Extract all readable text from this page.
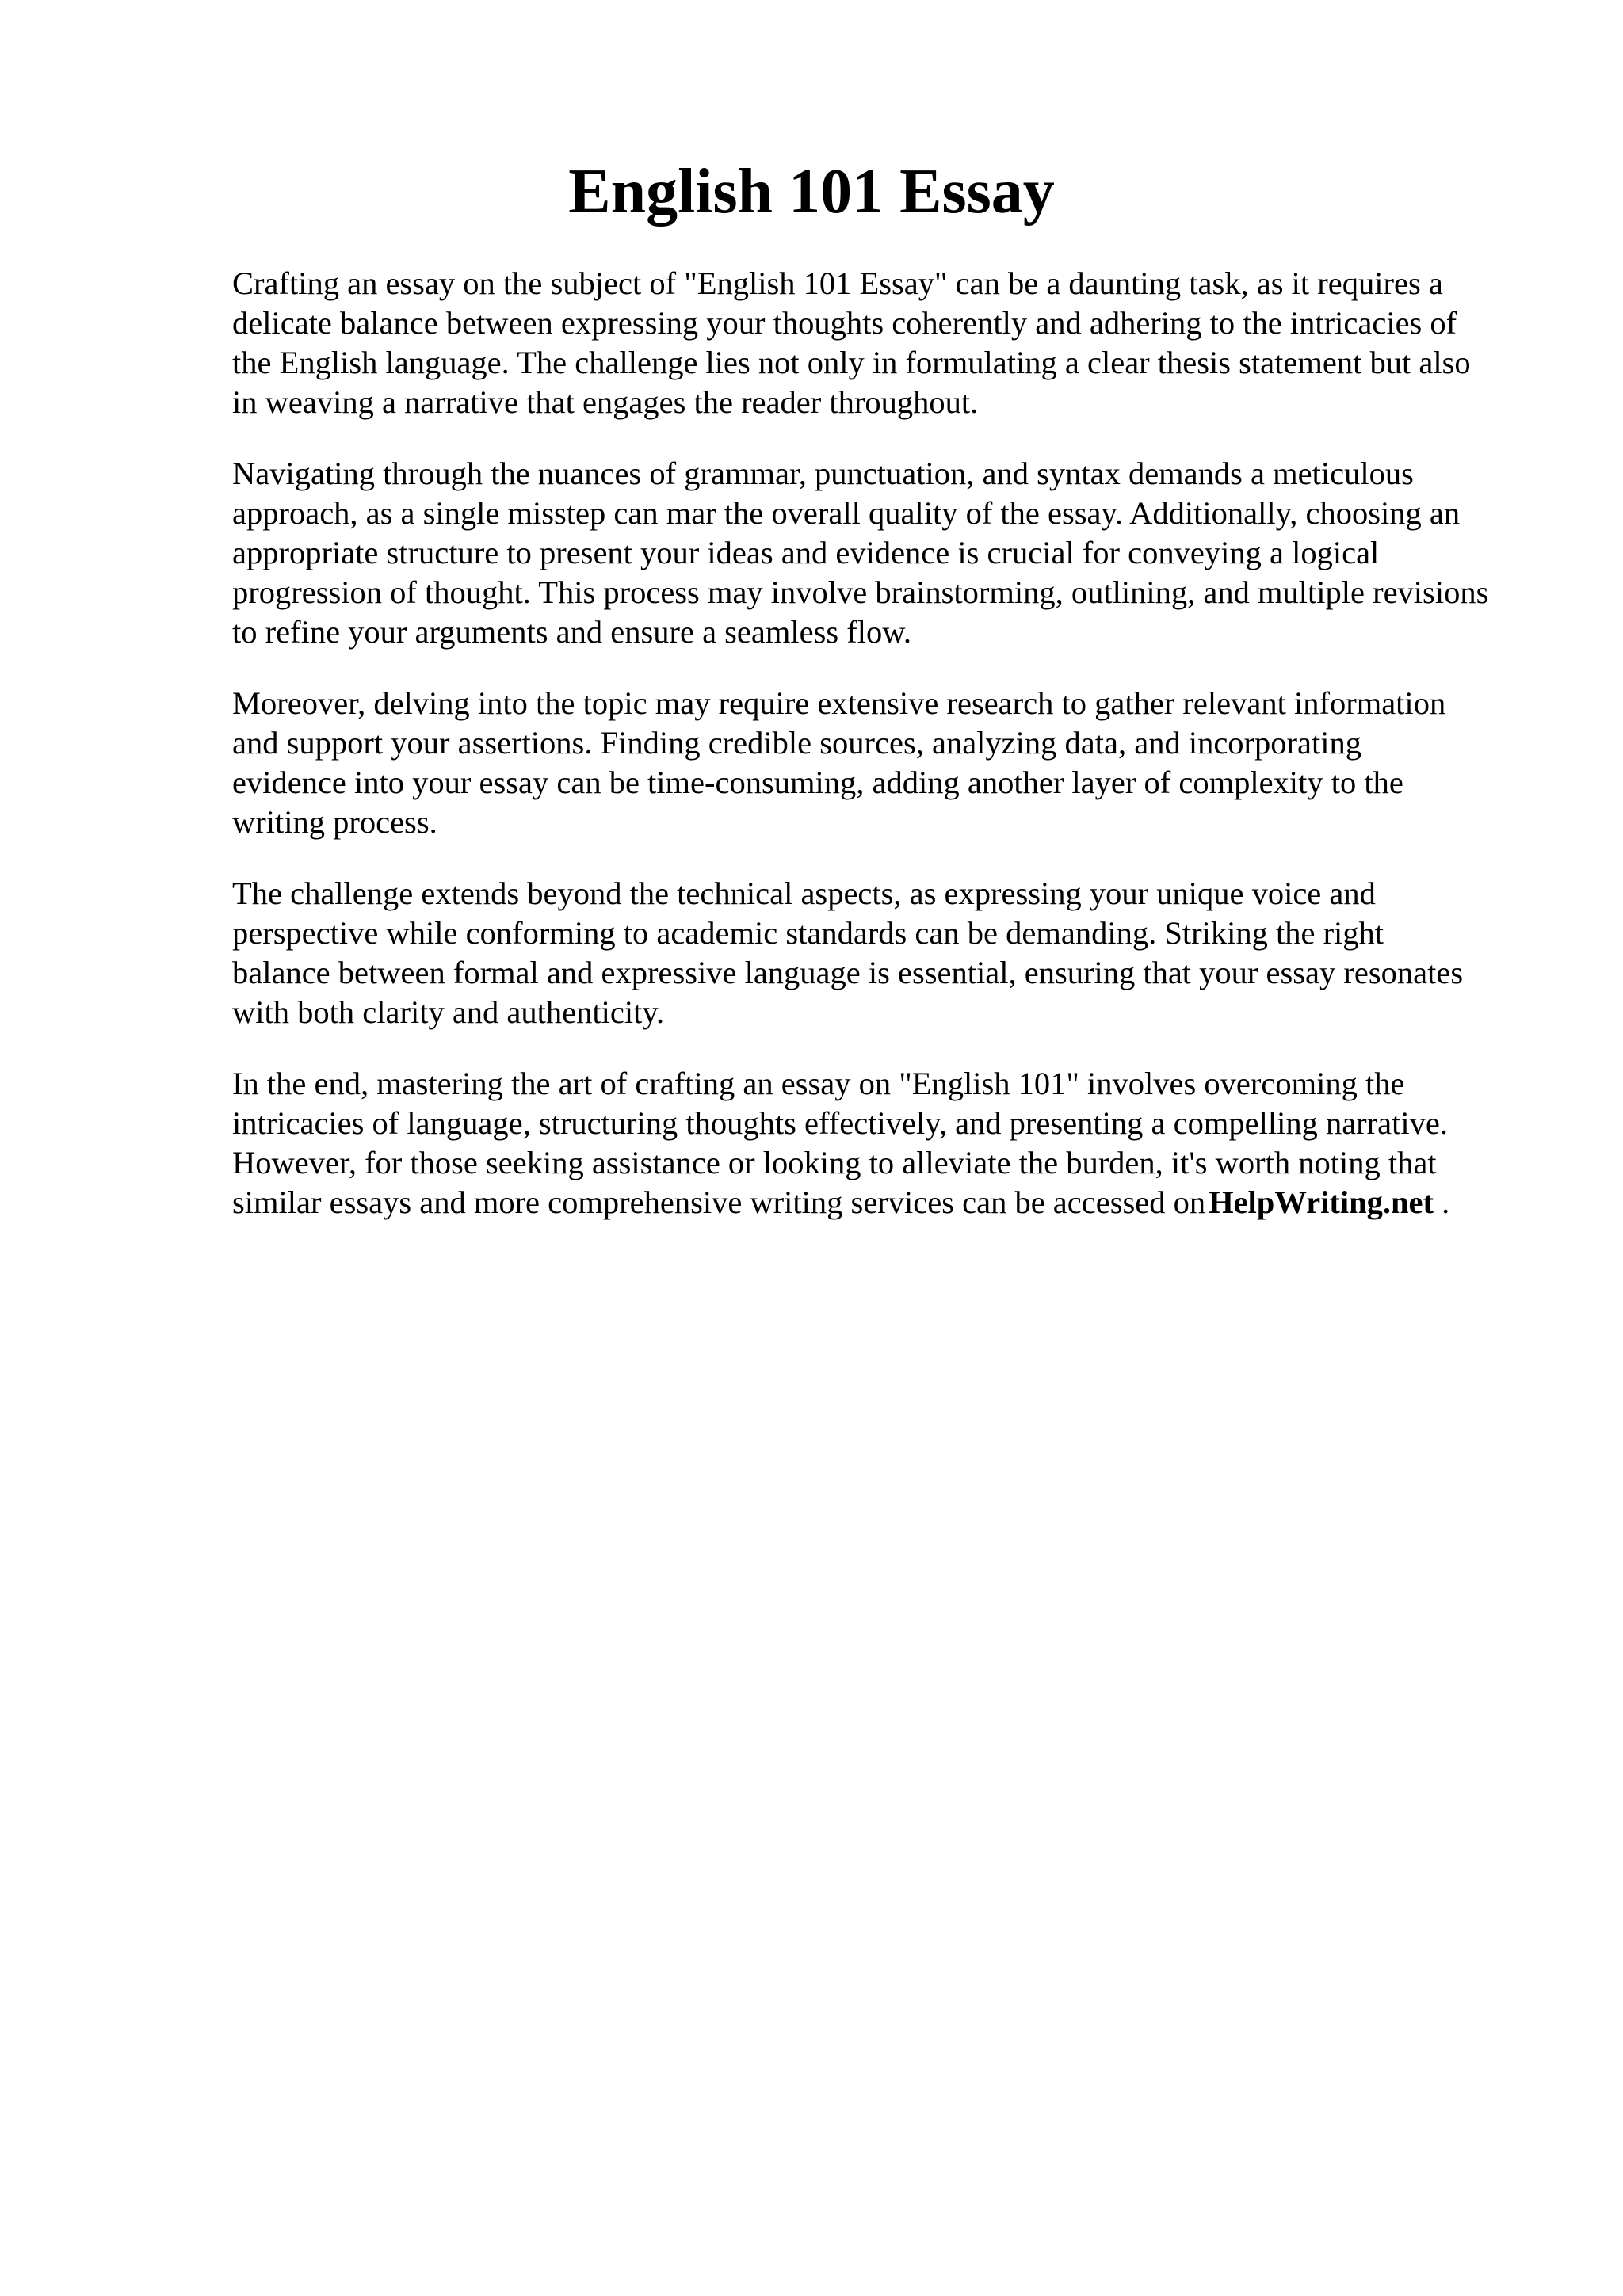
English 101 Essay

Crafting an essay on the subject of "English 101 Essay" can be a daunting task, as it requires a
delicate balance between expressing your thoughts coherently and adhering to the intricacies of
the English language. The challenge lies not only in formulating a clear thesis statement but also
in weaving a narrative that engages the reader throughout.

Navigating through the nuances of grammar, punctuation, and syntax demands a meticulous
approach, as a single misstep can mar the overall quality of the essay. Additionally, choosing an
appropriate structure to present your ideas and evidence is crucial for conveying a logical
progression of thought. This process may involve brainstorming, outlining, and multiple revisions
to refine your arguments and ensure a seamless flow.

Moreover, delving into the topic may require extensive research to gather relevant information
and support your assertions. Finding credible sources, analyzing data, and incorporating
evidence into your essay can be time-consuming, adding another layer of complexity to the
writing process.

The challenge extends beyond the technical aspects, as expressing your unique voice and
perspective while conforming to academic standards can be demanding. Striking the right
balance between formal and expressive language is essential, ensuring that your essay resonates
with both clarity and authenticity.

In the end, mastering the art of crafting an essay on "English 101" involves overcoming the
intricacies of language, structuring thoughts effectively, and presenting a compelling narrative.
However, for those seeking assistance or looking to alleviate the burden, it's worth noting that
similar essays and more comprehensive writing services can be accessed onHelpWriting.net .
